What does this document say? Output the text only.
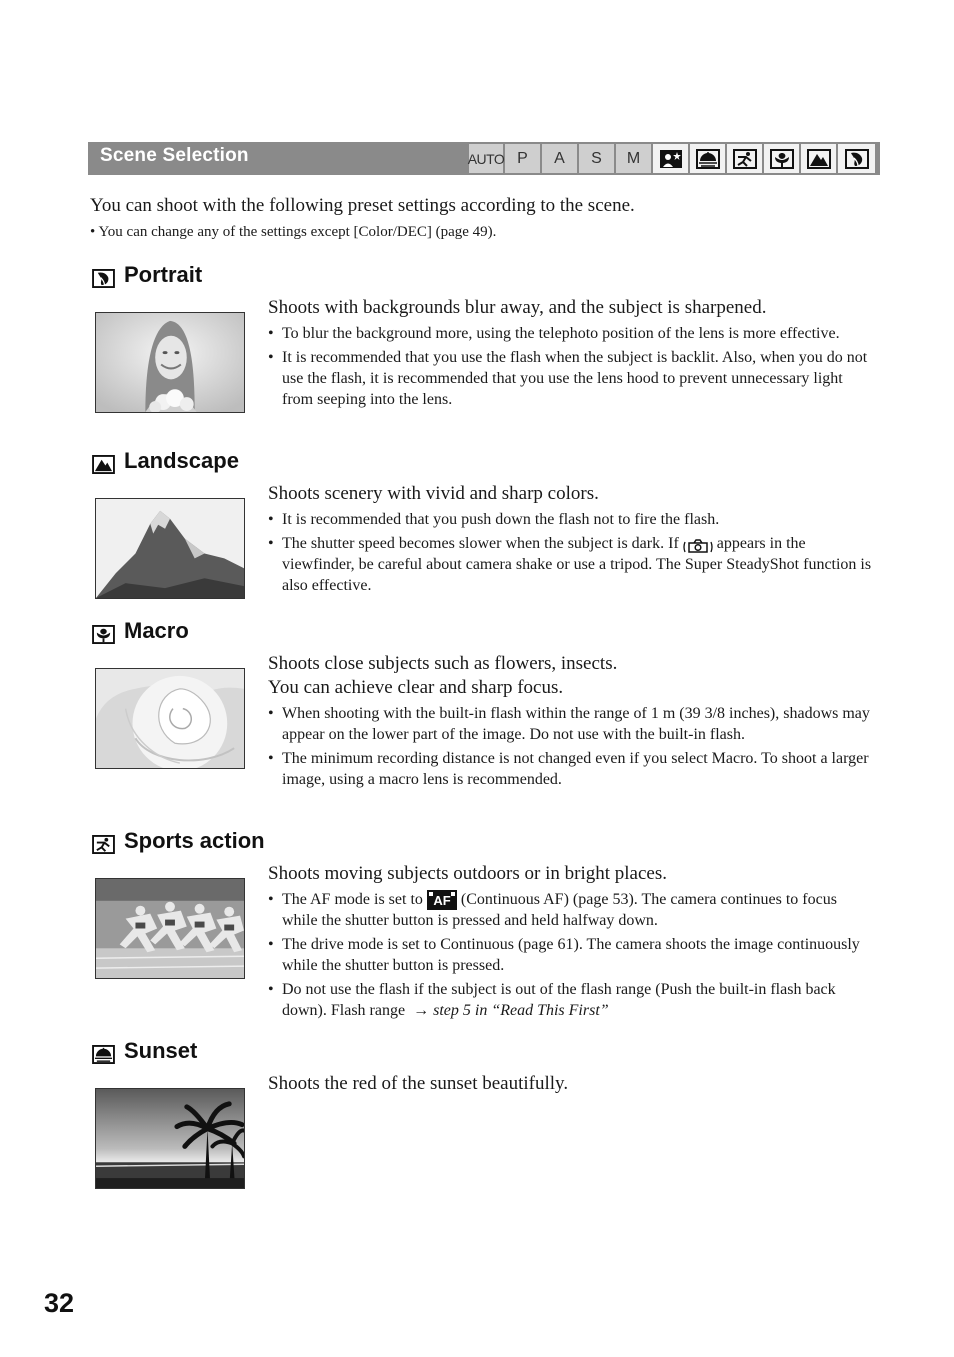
Scene Selection	AUTO P	A	S	M
You can shoot with the following preset settings according to the scene.
• You can change any of the settings except [Color/DEC] (page 49).
Portrait
Shoots with backgrounds blur away, and the subject is sharpened.
• To blur the background more, using the telephoto position of the lens is more effective.
• It is recommended that you use the flash when the subject is backlit. Also, when you do not use the flash, it is recommended that you use the lens hood to prevent unnecessary light from seeping into the lens.
Landscape
Shoots scenery with vivid and sharp colors.
• It is recommended that you push down the flash not to fire the flash.
• The shutter speed becomes slower when the subject is dark. If appears in the viewfinder, be careful about camera shake or use a tripod. The Super SteadyShot function is also effective.
Macro
Shoots close subjects such as flowers, insects.
You can achieve clear and sharp focus.
• When shooting with the built-in flash within the range of 1 m (39 3/8 inches), shadows may appear on the lower part of the image. Do not use with the built-in flash.
• The minimum recording distance is not changed even if you select Macro. To shoot a larger image, using a macro lens is recommended.
Sports action
Shoots moving subjects outdoors or in bright places.
• The AF mode is set to AF (Continuous AF) (page 53). The camera continues to focus while the shutter button is pressed and held halfway down.
• The drive mode is set to Continuous (page 61). The camera shoots the image continuously while the shutter button is pressed.
• Do not use the flash if the subject is out of the flash range (Push the built-in flash back down). Flash range  → step 5 in “Read This First”
Sunset
Shoots the red of the sunset beautifully.
32
